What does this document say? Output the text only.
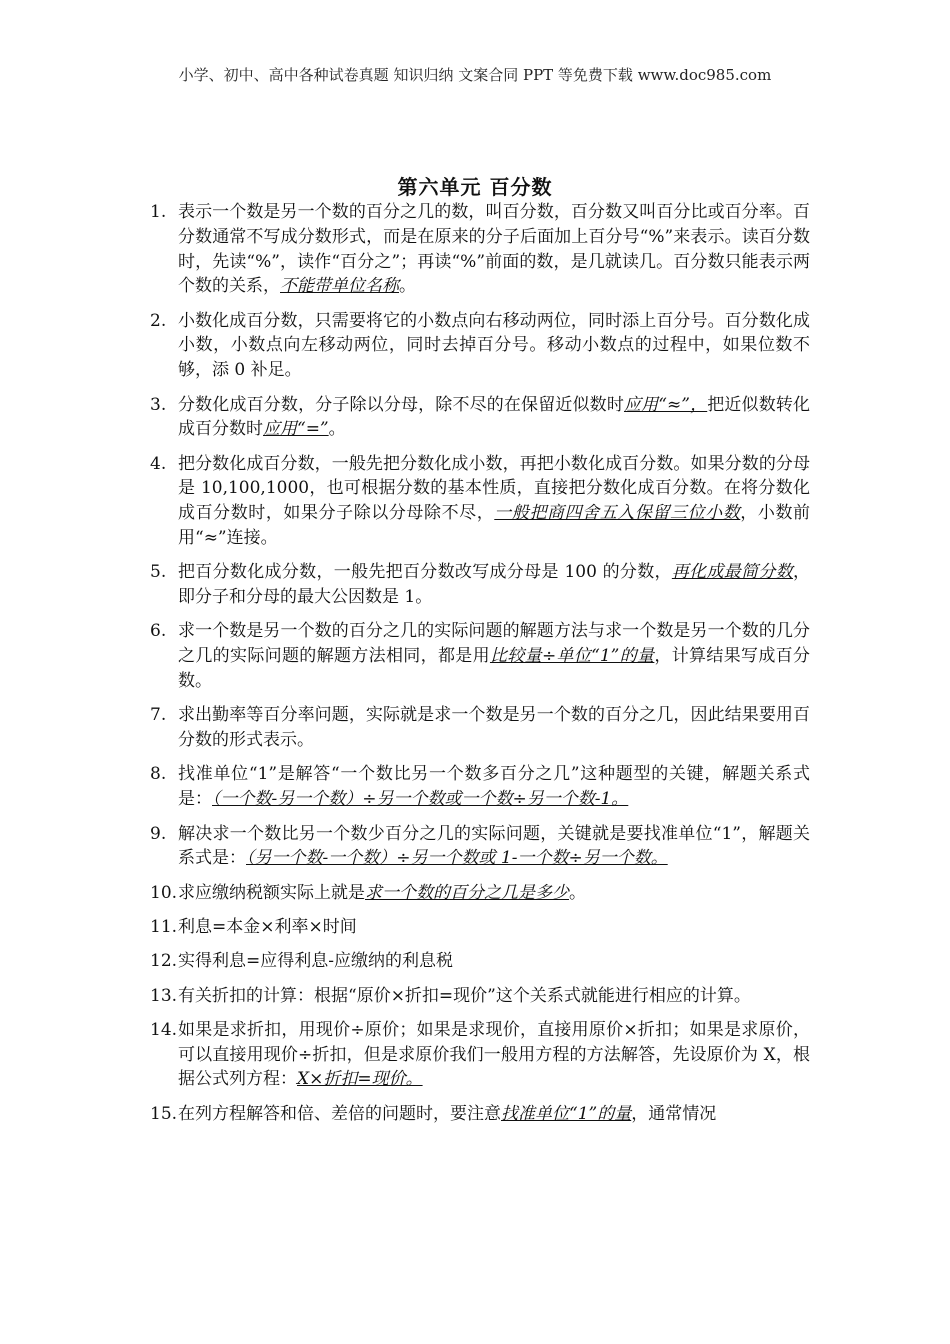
小学、初中、高中各种试卷真题 知识归纳 文案合同 PPT 等免费下载 www.doc985.com
第六单元 百分数
1. 表示一个数是另一个数的百分之几的数，叫百分数，百分数又叫百分比或百分率。百分数通常不写成分数形式，而是在原来的分子后面加上百分号“%”来表示。读百分数时，先读“%”，读作“百分之”；再读“%”前面的数，是几就读几。百分数只能表示两个数的关系，不能带单位名称。
2. 小数化成百分数，只需要将它的小数点向右移动两位，同时添上百分号。百分数化成小数，小数点向左移动两位，同时去掉百分号。移动小数点的过程中，如果位数不够，添 0 补足。
3. 分数化成百分数，分子除以分母，除不尽的在保留近似数时应用“≈”，把近似数转化成百分数时应用“=”。
4. 把分数化成百分数，一般先把分数化成小数，再把小数化成百分数。如果分数的分母是 10,100,1000，也可根据分数的基本性质，直接把分数化成百分数。在将分数化成百分数时，如果分子除以分母除不尽，一般把商四舍五入保留三位小数，小数前用“≈”连接。
5. 把百分数化成分数，一般先把百分数改写成分母是 100 的分数，再化成最简分数，即分子和分母的最大公因数是 1。
6. 求一个数是另一个数的百分之几的实际问题的解题方法与求一个数是另一个数的几分之几的实际问题的解题方法相同，都是用比较量÷单位“1”的量，计算结果写成百分数。
7. 求出勤率等百分率问题，实际就是求一个数是另一个数的百分之几，因此结果要用百分数的形式表示。
8. 找准单位“1”是解答“一个数比另一个数多百分之几”这种题型的关键，解题关系式是：（一个数-另一个数）÷另一个数或一个数÷另一个数-1。
9. 解决求一个数比另一个数少百分之几的实际问题，关键就是要找准单位“1”，解题关系式是：（另一个数-一个数）÷另一个数或 1-一个数÷另一个数。
10. 求应缴纳税额实际上就是求一个数的百分之几是多少。
11. 利息=本金×利率×时间
12. 实得利息=应得利息-应缴纳的利息税
13. 有关折扣的计算：根据“原价×折扣=现价”这个关系式就能进行相应的计算。
14. 如果是求折扣，用现价÷原价；如果是求现价，直接用原价×折扣；如果是求原价，可以直接用现价÷折扣，但是求原价我们一般用方程的方法解答，先设原价为 X，根据公式列方程：X×折扣=现价。
15. 在列方程解答和倍、差倍的问题时，要注意找准单位“1”的量，通常情况
